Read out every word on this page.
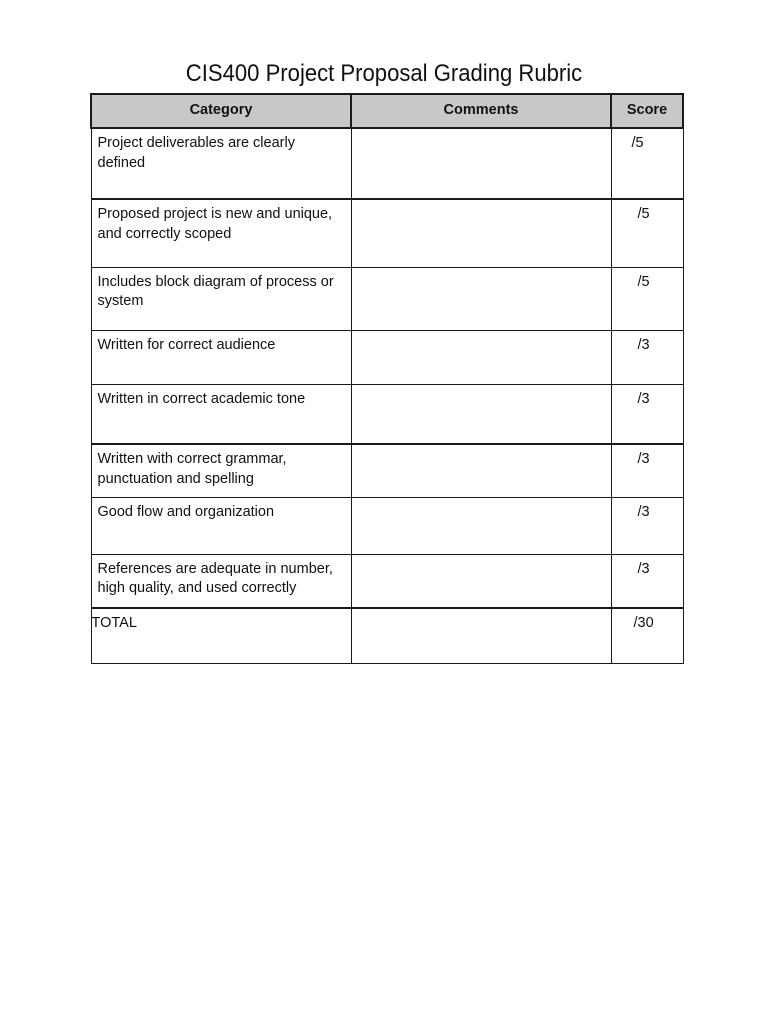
CIS400 Project Proposal Grading Rubric
Category	Comments	Score

Project deliverables are clearly defined		/5

Proposed project is new and unique, and correctly scoped		/5

Includes block diagram of process or system		/5

Written for correct audience		/3

Written in correct academic tone		/3

Written with correct grammar, punctuation and spelling		/3

Good flow and organization		/3

References are adequate in number, high quality, and used correctly		/3

TOTAL		/30
